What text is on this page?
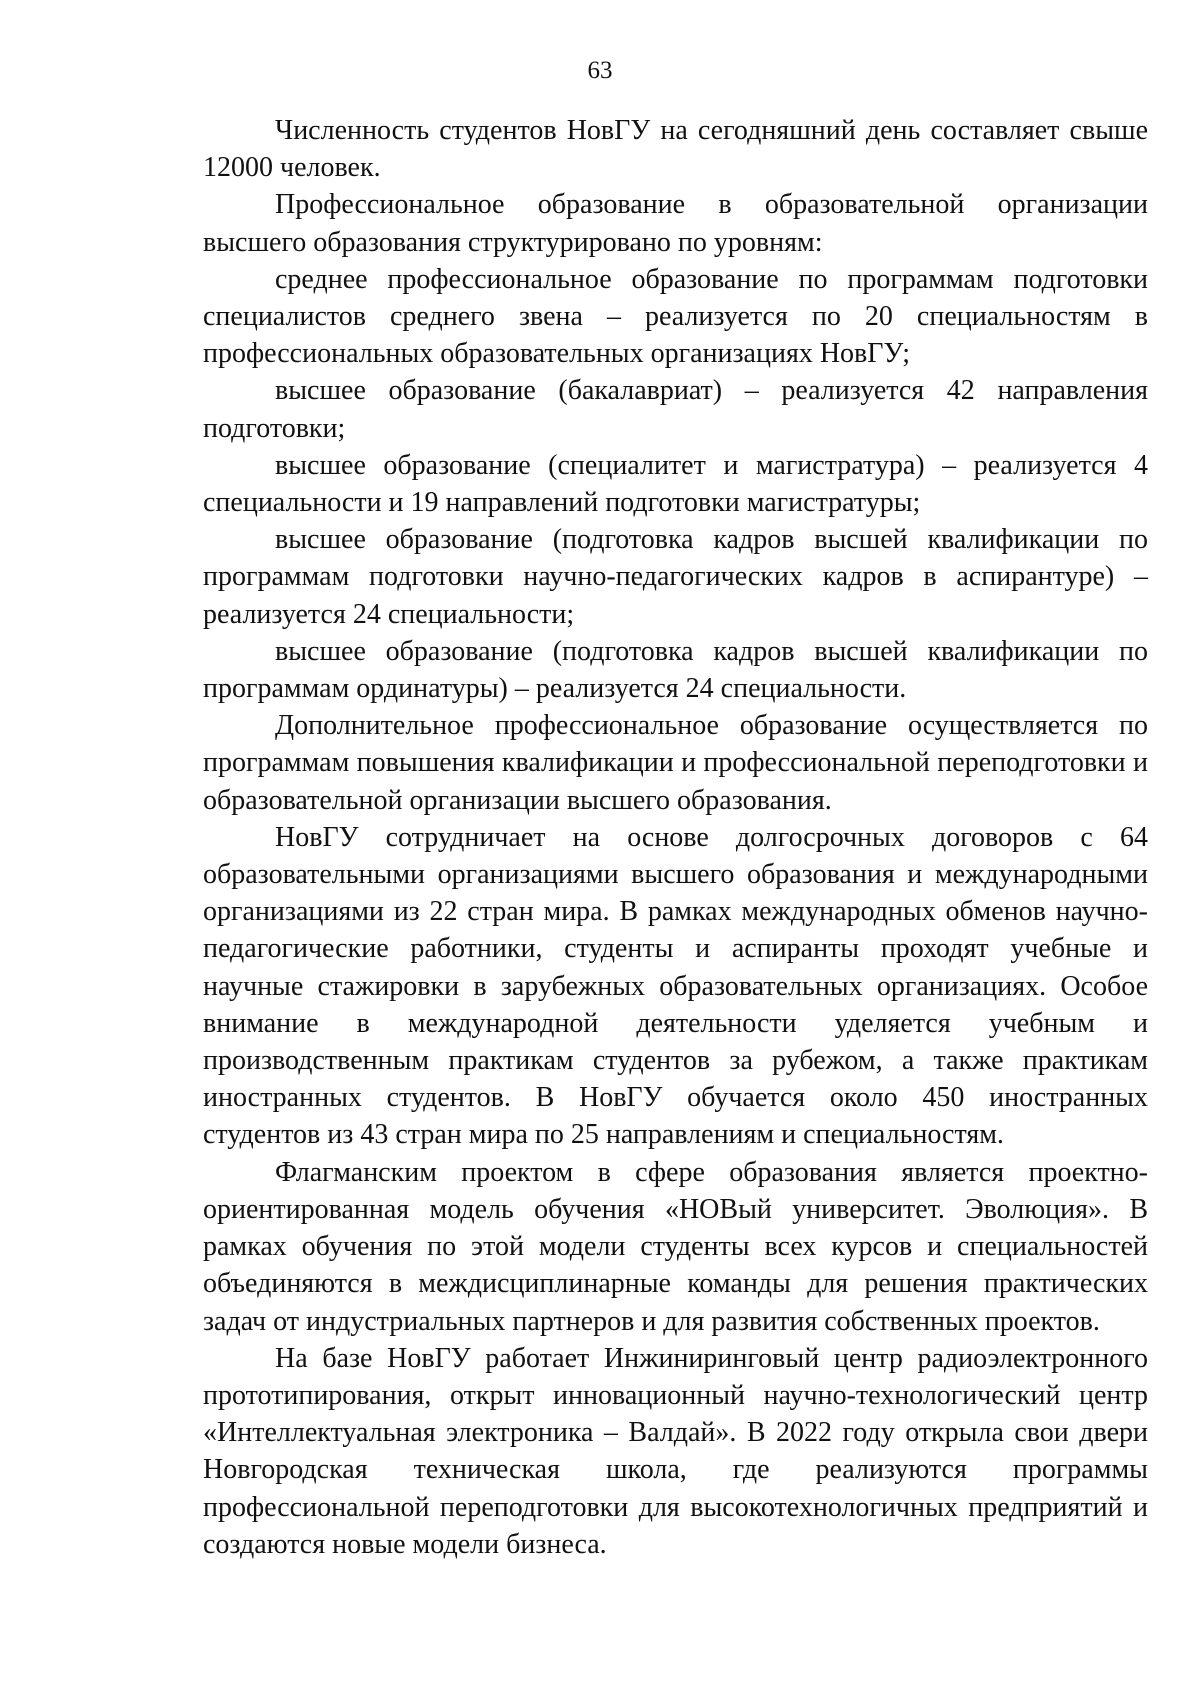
63

Численность студентов НовГУ на сегодняшний день составляет свыше 12000 человек.

Профессиональное образование в образовательной организации высшего образования структурировано по уровням:

среднее профессиональное образование по программам подготовки специалистов среднего звена – реализуется по 20 специальностям в профессиональных образовательных организациях НовГУ;

высшее образование (бакалавриат) – реализуется 42 направления подготовки;

высшее образование (специалитет и магистратура) – реализуется 4 специальности и 19 направлений подготовки магистратуры;

высшее образование (подготовка кадров высшей квалификации по программам подготовки научно-педагогических кадров в аспирантуре) – реализуется 24 специальности;

высшее образование (подготовка кадров высшей квалификации по программам ординатуры) – реализуется 24 специальности.

Дополнительное профессиональное образование осуществляется по программам повышения квалификации и профессиональной переподготовки и образовательной организации высшего образования.

НовГУ сотрудничает на основе долгосрочных договоров с 64 образовательными организациями высшего образования и международными организациями из 22 стран мира. В рамках международных обменов научно-педагогические работники, студенты и аспиранты проходят учебные и научные стажировки в зарубежных образовательных организациях. Особое внимание в международной деятельности уделяется учебным и производственным практикам студентов за рубежом, а также практикам иностранных студентов. В НовГУ обучается около 450 иностранных студентов из 43 стран мира по 25 направлениям и специальностям.

Флагманским проектом в сфере образования является проектно-ориентированная модель обучения «НОВый университет. Эволюция». В рамках обучения по этой модели студенты всех курсов и специальностей объединяются в междисциплинарные команды для решения практических задач от индустриальных партнеров и для развития собственных проектов.

На базе НовГУ работает Инжиниринговый центр радиоэлектронного прототипирования, открыт инновационный научно-технологический центр «Интеллектуальная электроника – Валдай». В 2022 году открыла свои двери Новгородская техническая школа, где реализуются программы профессиональной переподготовки для высокотехнологичных предприятий и создаются новые модели бизнеса.
